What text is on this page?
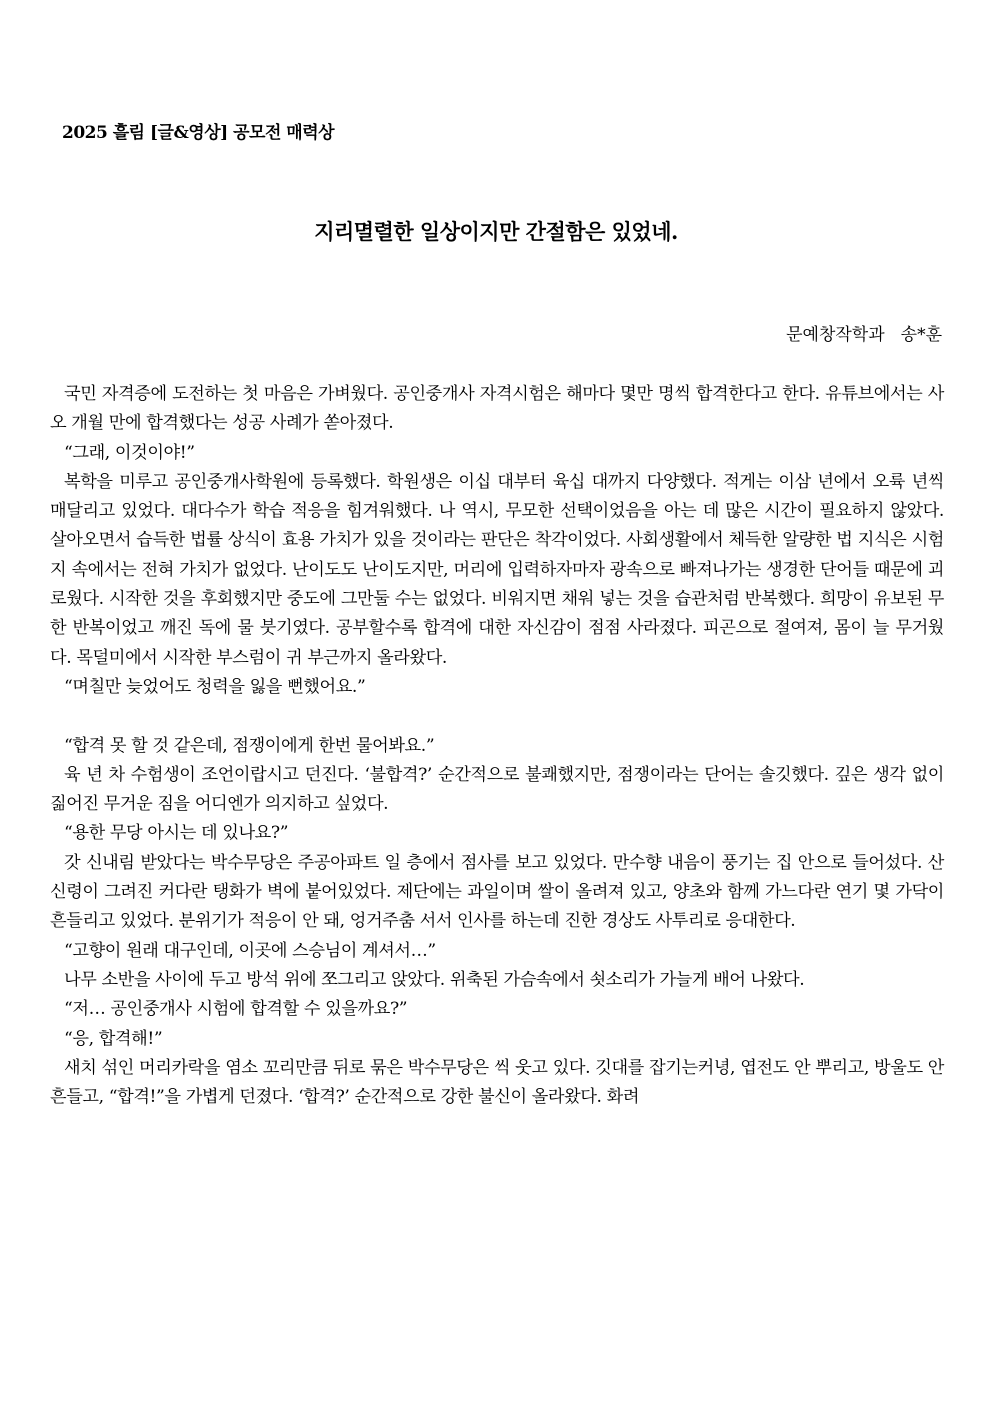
2025 흘림 [글&영상] 공모전 매력상
지리멸렬한 일상이지만 간절함은 있었네.
문예창작학과 송*훈

국민 자격증에 도전하는 첫 마음은 가벼웠다. 공인중개사 자격시험은 해마다 몇만 명씩 합격한다고 한다. 유튜브에서는 사오 개월 만에 합격했다는 성공 사례가 쏟아졌다.

“그래, 이것이야!”

복학을 미루고 공인중개사학원에 등록했다. 학원생은 이십 대부터 육십 대까지 다양했다. 적게는 이삼 년에서 오륙 년씩 매달리고 있었다. 대다수가 학습 적응을 힘겨워했다. 나 역시, 무모한 선택이었음을 아는 데 많은 시간이 필요하지 않았다. 살아오면서 습득한 법률 상식이 효용 가치가 있을 것이라는 판단은 착각이었다. 사회생활에서 체득한 알량한 법 지식은 시험지 속에서는 전혀 가치가 없었다. 난이도도 난이도지만, 머리에 입력하자마자 광속으로 빠져나가는 생경한 단어들 때문에 괴로웠다. 시작한 것을 후회했지만 중도에 그만둘 수는 없었다. 비워지면 채워 넣는 것을 습관처럼 반복했다. 희망이 유보된 무한 반복이었고 깨진 독에 물 붓기였다. 공부할수록 합격에 대한 자신감이 점점 사라졌다. 피곤으로 절여져, 몸이 늘 무거웠다. 목덜미에서 시작한 부스럼이 귀 부근까지 올라왔다.

“며칠만 늦었어도 청력을 잃을 뻔했어요.”

“합격 못 할 것 같은데, 점쟁이에게 한번 물어봐요.”

육 년 차 수험생이 조언이랍시고 던진다. ‘불합격?’ 순간적으로 불쾌했지만, 점쟁이라는 단어는 솔깃했다. 깊은 생각 없이 짊어진 무거운 짐을 어디엔가 의지하고 싶었다.

“용한 무당 아시는 데 있나요?”

갓 신내림 받았다는 박수무당은 주공아파트 일 층에서 점사를 보고 있었다. 만수향 내음이 풍기는 집 안으로 들어섰다. 산신령이 그려진 커다란 탱화가 벽에 붙어있었다. 제단에는 과일이며 쌀이 올려져 있고, 양초와 함께 가느다란 연기 몇 가닥이 흔들리고 있었다. 분위기가 적응이 안 돼, 엉거주춤 서서 인사를 하는데 진한 경상도 사투리로 응대한다.

“고향이 원래 대구인데, 이곳에 스승님이 계셔서…”

나무 소반을 사이에 두고 방석 위에 쪼그리고 앉았다. 위축된 가슴속에서 쇳소리가 가늘게 배어 나왔다.

“저… 공인중개사 시험에 합격할 수 있을까요?”

“응, 합격해!”

새치 섞인 머리카락을 염소 꼬리만큼 뒤로 묶은 박수무당은 씩 웃고 있다. 깃대를 잡기는커녕, 엽전도 안 뿌리고, 방울도 안 흔들고, “합격!”을 가볍게 던졌다. ‘합격?’ 순간적으로 강한 불신이 올라왔다. 화려
